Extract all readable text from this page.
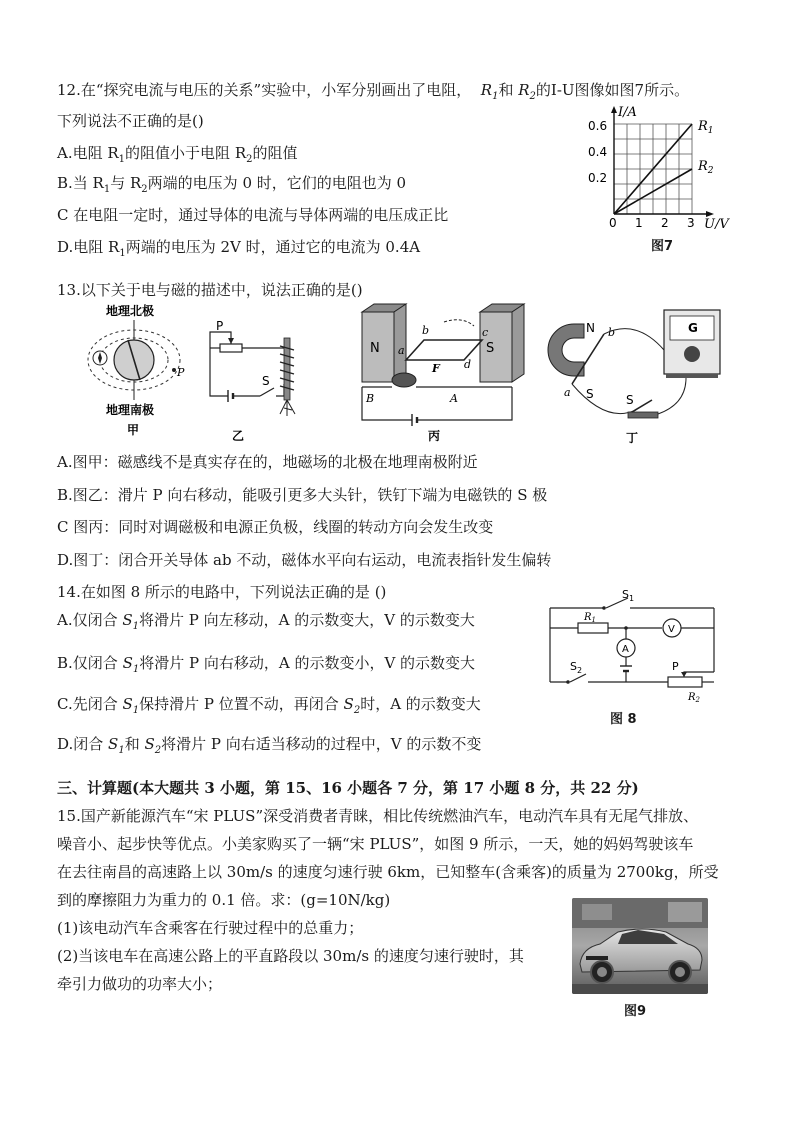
12.在“探究电流与电压的关系”实验中，小军分别画出了电阻， $R_1$和 $R_2$的I-U图像如图7所示。
下列说法不正确的是()
A.电阻 $R_1$的阻值小于电阻 $R_2$的阻值
B.当 $R_1$与 $R_2$两端的电压为 0 时，它们的电阻也为 0
C 在电阻一定时，通过导体的电流与导体两端的电压成正比
D.电阻 $R_1$两端的电压为 2V 时，通过它的电流为 0.4A
I/A
U/V
0.6
0.4
0.2
0 1 2 3
$R_1$
$R_2$
图7
13.以下关于电与磁的描述中，说法正确的是()
地理北极
P
地理南极
甲
S
P
乙
N	S
a
b	c
d
F
B	A
丙
N
S
a
b	G
S
丁
A.图甲：磁感线不是真实存在的，地磁场的北极在地理南极附近
B.图乙：滑片 P 向右移动，能吸引更多大头针，铁钉下端为电磁铁的 S 极
C 图丙：同时对调磁极和电源正负极，线圈的转动方向会发生改变
D.图丁：闭合开关导体 ab 不动，磁体水平向右运动，电流表指针发生偏转
14.在如图 8 所示的电路中，下列说法正确的是 ()
A.仅闭合 $S_1$将滑片 P 向左移动，A 的示数变大，V 的示数变大
B.仅闭合 $S_1$将滑片 P 向右移动，A 的示数变小，V 的示数变大
C.先闭合 $S_1$保持滑片 P 位置不动，再闭合 $S_2$时，A 的示数变大
D.闭合 $S_1$和 $S_2$将滑片 P 向右适当移动的过程中，V 的示数不变
$S_1$
$R_1$
V
A
$S_2$	P
$R_2$
图 8
三、计算题(本大题共 3 小题，第 15、16 小题各 7 分，第 17 小题 8 分，共 22 分)
15.国产新能源汽车“宋 PLUS”深受消费者青睐，相比传统燃油汽车，电动汽车具有无尾气排放、
噪音小、起步快等优点。小美家购买了一辆“宋 PLUS”，如图 9 所示，一天，她的妈妈驾驶该车
在去往南昌的高速路上以 30m/s 的速度匀速行驶 6km，已知整车(含乘客)的质量为 2700kg，所受
到的摩擦阻力为重力的 0.1 倍。求：(g=10N/kg)
(1)该电动汽车含乘客在行驶过程中的总重力；
(2)当该电车在高速公路上的平直路段以 30m/s 的速度匀速行驶时，其
牵引力做功的功率大小；
图9
